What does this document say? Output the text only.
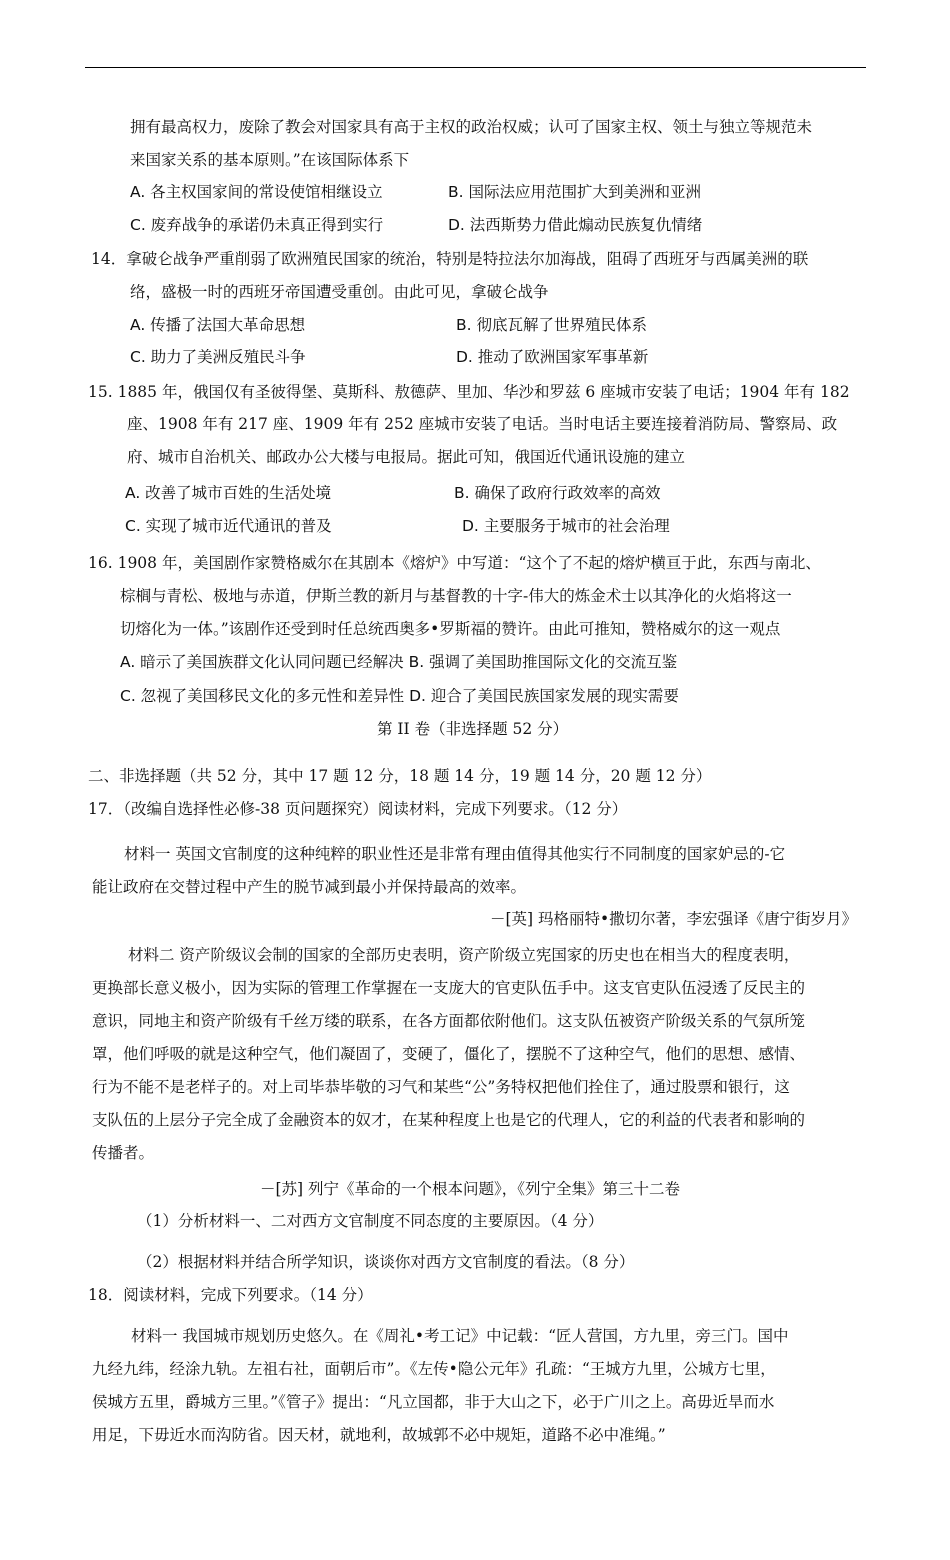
拥有最高权力，废除了教会对国家具有高于主权的政治权威；认可了国家主权、领土与独立等规范未
来国家关系的基本原则。”在该国际体系下
A. 各主权国家间的常设使馆相继设立	B. 国际法应用范围扩大到美洲和亚洲
C. 废弃战争的承诺仍未真正得到实行	D. 法西斯势力借此煽动民族复仇情绪
14．拿破仑战争严重削弱了欧洲殖民国家的统治，特别是特拉法尔加海战，阻碍了西班牙与西属美洲的联
络，盛极一时的西班牙帝国遭受重创。由此可见，拿破仑战争
A. 传播了法国大革命思想	B. 彻底瓦解了世界殖民体系
C. 助力了美洲反殖民斗争	D. 推动了欧洲国家军事革新
15. 1885 年，俄国仅有圣彼得堡、莫斯科、敖德萨、里加、华沙和罗兹 6 座城市安装了电话；1904 年有 182
座、1908 年有 217 座、1909 年有 252 座城市安装了电话。当时电话主要连接着消防局、警察局、政
府、城市自治机关、邮政办公大楼与电报局。据此可知，俄国近代通讯设施的建立
A. 改善了城市百姓的生活处境	B. 确保了政府行政效率的高效
C. 实现了城市近代通讯的普及	D. 主要服务于城市的社会治理
16. 1908 年，美国剧作家赞格威尔在其剧本《熔炉》中写道：“这个了不起的熔炉横亘于此，东西与南北、
棕榈与青松、极地与赤道，伊斯兰教的新月与基督教的十字-伟大的炼金术士以其净化的火焰将这一
切熔化为一体。”该剧作还受到时任总统西奥多•罗斯福的赞许。由此可推知，赞格威尔的这一观点
A. 暗示了美国族群文化认同问题已经解决 B. 强调了美国助推国际文化的交流互鉴
C. 忽视了美国移民文化的多元性和差异性 D. 迎合了美国民族国家发展的现实需要
第 II 卷（非选择题 52 分）
二、非选择题（共 52 分，其中 17 题 12 分，18 题 14 分，19 题 14 分，20 题 12 分）
17．（改编自选择性必修-38 页问题探究）阅读材料，完成下列要求。（12 分）
材料一 英国文官制度的这种纯粹的职业性还是非常有理由值得其他实行不同制度的国家妒忌的-它
能让政府在交替过程中产生的脱节减到最小并保持最高的效率。
－[英] 玛格丽特•撒切尔著，李宏强译《唐宁街岁月》
材料二 资产阶级议会制的国家的全部历史表明，资产阶级立宪国家的历史也在相当大的程度表明，
更换部长意义极小，因为实际的管理工作掌握在一支庞大的官吏队伍手中。这支官吏队伍浸透了反民主的
意识，同地主和资产阶级有千丝万缕的联系，在各方面都依附他们。这支队伍被资产阶级关系的气氛所笼
罩，他们呼吸的就是这种空气，他们凝固了，变硬了，僵化了，摆脱不了这种空气，他们的思想、感情、
行为不能不是老样子的。对上司毕恭毕敬的习气和某些“公”务特权把他们拴住了，通过股票和银行，这
支队伍的上层分子完全成了金融资本的奴才，在某种程度上也是它的代理人，它的利益的代表者和影响的
传播者。
－[苏] 列宁《革命的一个根本问题》，《列宁全集》第三十二卷
（1）分析材料一、二对西方文官制度不同态度的主要原因。（4 分）
（2）根据材料并结合所学知识，谈谈你对西方文官制度的看法。（8 分）
18．阅读材料，完成下列要求。（14 分）
材料一 我国城市规划历史悠久。在《周礼•考工记》中记载：“匠人营国，方九里，旁三门。国中
九经九纬，经涂九轨。左祖右社，面朝后市”。《左传•隐公元年》孔疏：“王城方九里，公城方七里，
侯城方五里，爵城方三里。”《管子》提出：“凡立国都，非于大山之下，必于广川之上。高毋近旱而水
用足，下毋近水而沟防省。因天材，就地利，故城郭不必中规矩，道路不必中准绳。”
